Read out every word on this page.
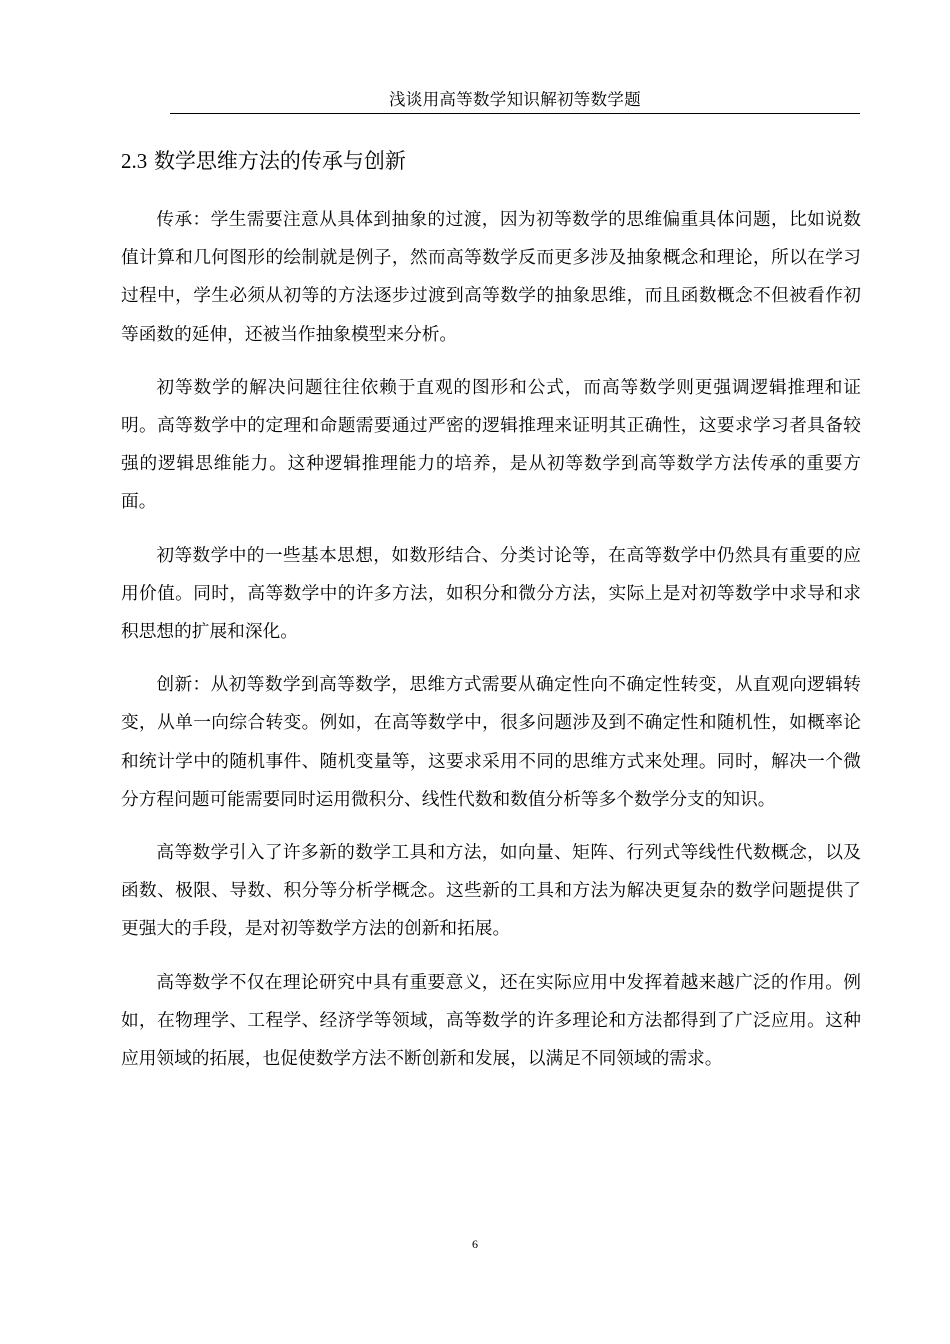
浅谈用高等数学知识解初等数学题
2.3 数学思维方法的传承与创新

传承：学生需要注意从具体到抽象的过渡，因为初等数学的思维偏重具体问题，比如说数值计算和几何图形的绘制就是例子，然而高等数学反而更多涉及抽象概念和理论，所以在学习过程中，学生必须从初等的方法逐步过渡到高等数学的抽象思维，而且函数概念不但被看作初等函数的延伸，还被当作抽象模型来分析。

初等数学的解决问题往往依赖于直观的图形和公式，而高等数学则更强调逻辑推理和证明。高等数学中的定理和命题需要通过严密的逻辑推理来证明其正确性，这要求学习者具备较强的逻辑思维能力。这种逻辑推理能力的培养，是从初等数学到高等数学方法传承的重要方面。

初等数学中的一些基本思想，如数形结合、分类讨论等，在高等数学中仍然具有重要的应用价值。同时，高等数学中的许多方法，如积分和微分方法，实际上是对初等数学中求导和求积思想的扩展和深化。

创新：从初等数学到高等数学，思维方式需要从确定性向不确定性转变，从直观向逻辑转变，从单一向综合转变。例如，在高等数学中，很多问题涉及到不确定性和随机性，如概率论和统计学中的随机事件、随机变量等，这要求采用不同的思维方式来处理。同时，解决一个微分方程问题可能需要同时运用微积分、线性代数和数值分析等多个数学分支的知识。

高等数学引入了许多新的数学工具和方法，如向量、矩阵、行列式等线性代数概念，以及函数、极限、导数、积分等分析学概念。这些新的工具和方法为解决更复杂的数学问题提供了更强大的手段，是对初等数学方法的创新和拓展。

高等数学不仅在理论研究中具有重要意义，还在实际应用中发挥着越来越广泛的作用。例如，在物理学、工程学、经济学等领域，高等数学的许多理论和方法都得到了广泛应用。这种应用领域的拓展，也促使数学方法不断创新和发展，以满足不同领域的需求。

6
